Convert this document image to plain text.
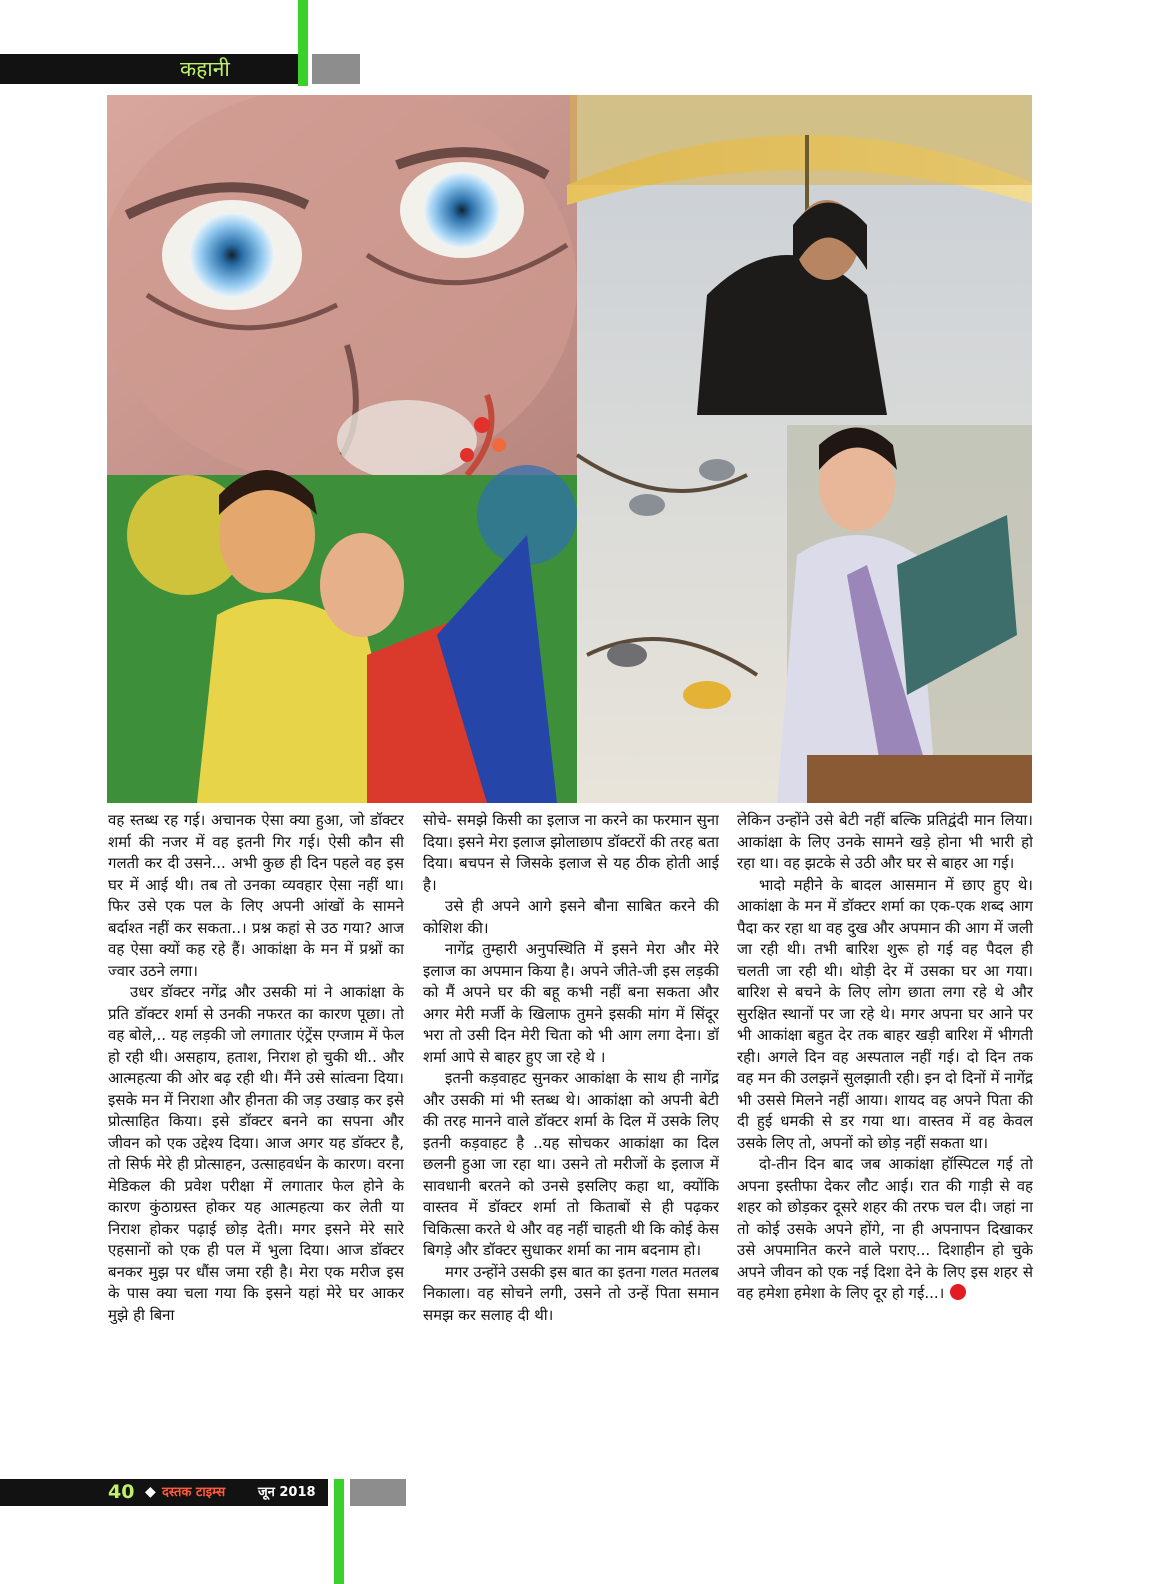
कहानी

वह स्तब्ध रह गई। अचानक ऐसा क्या हुआ, जो डॉक्टर शर्मा की नजर में वह इतनी गिर गई। ऐसी कौन सी गलती कर दी उसने... अभी कुछ ही दिन पहले वह इस घर में आई थी। तब तो उनका व्यवहार ऐसा नहीं था। फिर उसे एक पल के लिए अपनी आंखों के सामने बर्दाश्त नहीं कर सकता..। प्रश्न कहां से उठ गया? आज वह ऐसा क्यों कह रहे हैं। आकांक्षा के मन में प्रश्नों का ज्वार उठने लगा।

उधर डॉक्टर नगेंद्र और उसकी मां ने आकांक्षा के प्रति डॉक्टर शर्मा से उनकी नफरत का कारण पूछा। तो वह बोले,.. यह लड़की जो लगातार एंट्रेंस एग्जाम में फेल हो रही थी। असहाय, हताश, निराश हो चुकी थी.. और आत्महत्या की ओर बढ़ रही थी। मैंने उसे सांत्वना दिया। इसके मन में निराशा और हीनता की जड़ उखाड़ कर इसे प्रोत्साहित किया। इसे डॉक्टर बनने का सपना और जीवन को एक उद्देश्य दिया। आज अगर यह डॉक्टर है, तो सिर्फ मेरे ही प्रोत्साहन, उत्साहवर्धन के कारण। वरना मेडिकल की प्रवेश परीक्षा में लगातार फेल होने के कारण कुंठाग्रस्त होकर यह आत्महत्या कर लेती या निराश होकर पढ़ाई छोड़ देती। मगर इसने मेरे सारे एहसानों को एक ही पल में भुला दिया। आज डॉक्टर बनकर मुझ पर धौंस जमा रही है। मेरा एक मरीज इस के पास क्या चला गया कि इसने यहां मेरे घर आकर मुझे ही बिना

सोचे- समझे किसी का इलाज ना करने का फरमान सुना दिया। इसने मेरा इलाज झोलाछाप डॉक्टरों की तरह बता दिया। बचपन से जिसके इलाज से यह ठीक होती आई है।

उसे ही अपने आगे इसने बौना साबित करने की कोशिश की।

नागेंद्र तुम्हारी अनुपस्थिति में इसने मेरा और मेरे इलाज का अपमान किया है। अपने जीते-जी इस लड़की को मैं अपने घर की बहू कभी नहीं बना सकता और अगर मेरी मर्जी के खिलाफ तुमने इसकी मांग में सिंदूर भरा तो उसी दिन मेरी चिता को भी आग लगा देना। डॉ शर्मा आपे से बाहर हुए जा रहे थे ।

इतनी कड़वाहट सुनकर आकांक्षा के साथ ही नागेंद्र और उसकी मां भी स्तब्ध थे। आकांक्षा को अपनी बेटी की तरह मानने वाले डॉक्टर शर्मा के दिल में उसके लिए इतनी कड़वाहट है ..यह सोचकर आकांक्षा का दिल छलनी हुआ जा रहा था। उसने तो मरीजों के इलाज में सावधानी बरतने को उनसे इसलिए कहा था, क्योंकि वास्तव में डॉक्टर शर्मा तो किताबों से ही पढ़कर चिकित्सा करते थे और वह नहीं चाहती थी कि कोई केस बिगड़े और डॉक्टर सुधाकर शर्मा का नाम बदनाम हो।

मगर उन्होंने उसकी इस बात का इतना गलत मतलब निकाला। वह सोचने लगी, उसने तो उन्हें पिता समान समझ कर सलाह दी थी।

लेकिन उन्होंने उसे बेटी नहीं बल्कि प्रतिद्वंदी मान लिया। आकांक्षा के लिए उनके सामने खड़े होना भी भारी हो रहा था। वह झटके से उठी और घर से बाहर आ गई।

भादो महीने के बादल आसमान में छाए हुए थे। आकांक्षा के मन में डॉक्टर शर्मा का एक-एक शब्द आग पैदा कर रहा था वह दुख और अपमान की आग में जली जा रही थी। तभी बारिश शुरू हो गई वह पैदल ही चलती जा रही थी। थोड़ी देर में उसका घर आ गया। बारिश से बचने के लिए लोग छाता लगा रहे थे और सुरक्षित स्थानों पर जा रहे थे। मगर अपना घर आने पर भी आकांक्षा बहुत देर तक बाहर खड़ी बारिश में भीगती रही। अगले दिन वह अस्पताल नहीं गई। दो दिन तक वह मन की उलझनें सुलझाती रही। इन दो दिनों में नागेंद्र भी उससे मिलने नहीं आया। शायद वह अपने पिता की दी हुई धमकी से डर गया था। वास्तव में वह केवल उसके लिए तो, अपनों को छोड़ नहीं सकता था।

दो-तीन दिन बाद जब आकांक्षा हॉस्पिटल गई तो अपना इस्तीफा देकर लौट आई। रात की गाड़ी से वह शहर को छोड़कर दूसरे शहर की तरफ चल दी। जहां ना तो कोई उसके अपने होंगे, ना ही अपनापन दिखाकर उसे अपमानित करने वाले पराए... दिशाहीन हो चुके अपने जीवन को एक नई दिशा देने के लिए इस शहर से वह हमेशा हमेशा के लिए दूर हो गई...।

40 ◆ दस्तक टाइम्स	जून 2018
